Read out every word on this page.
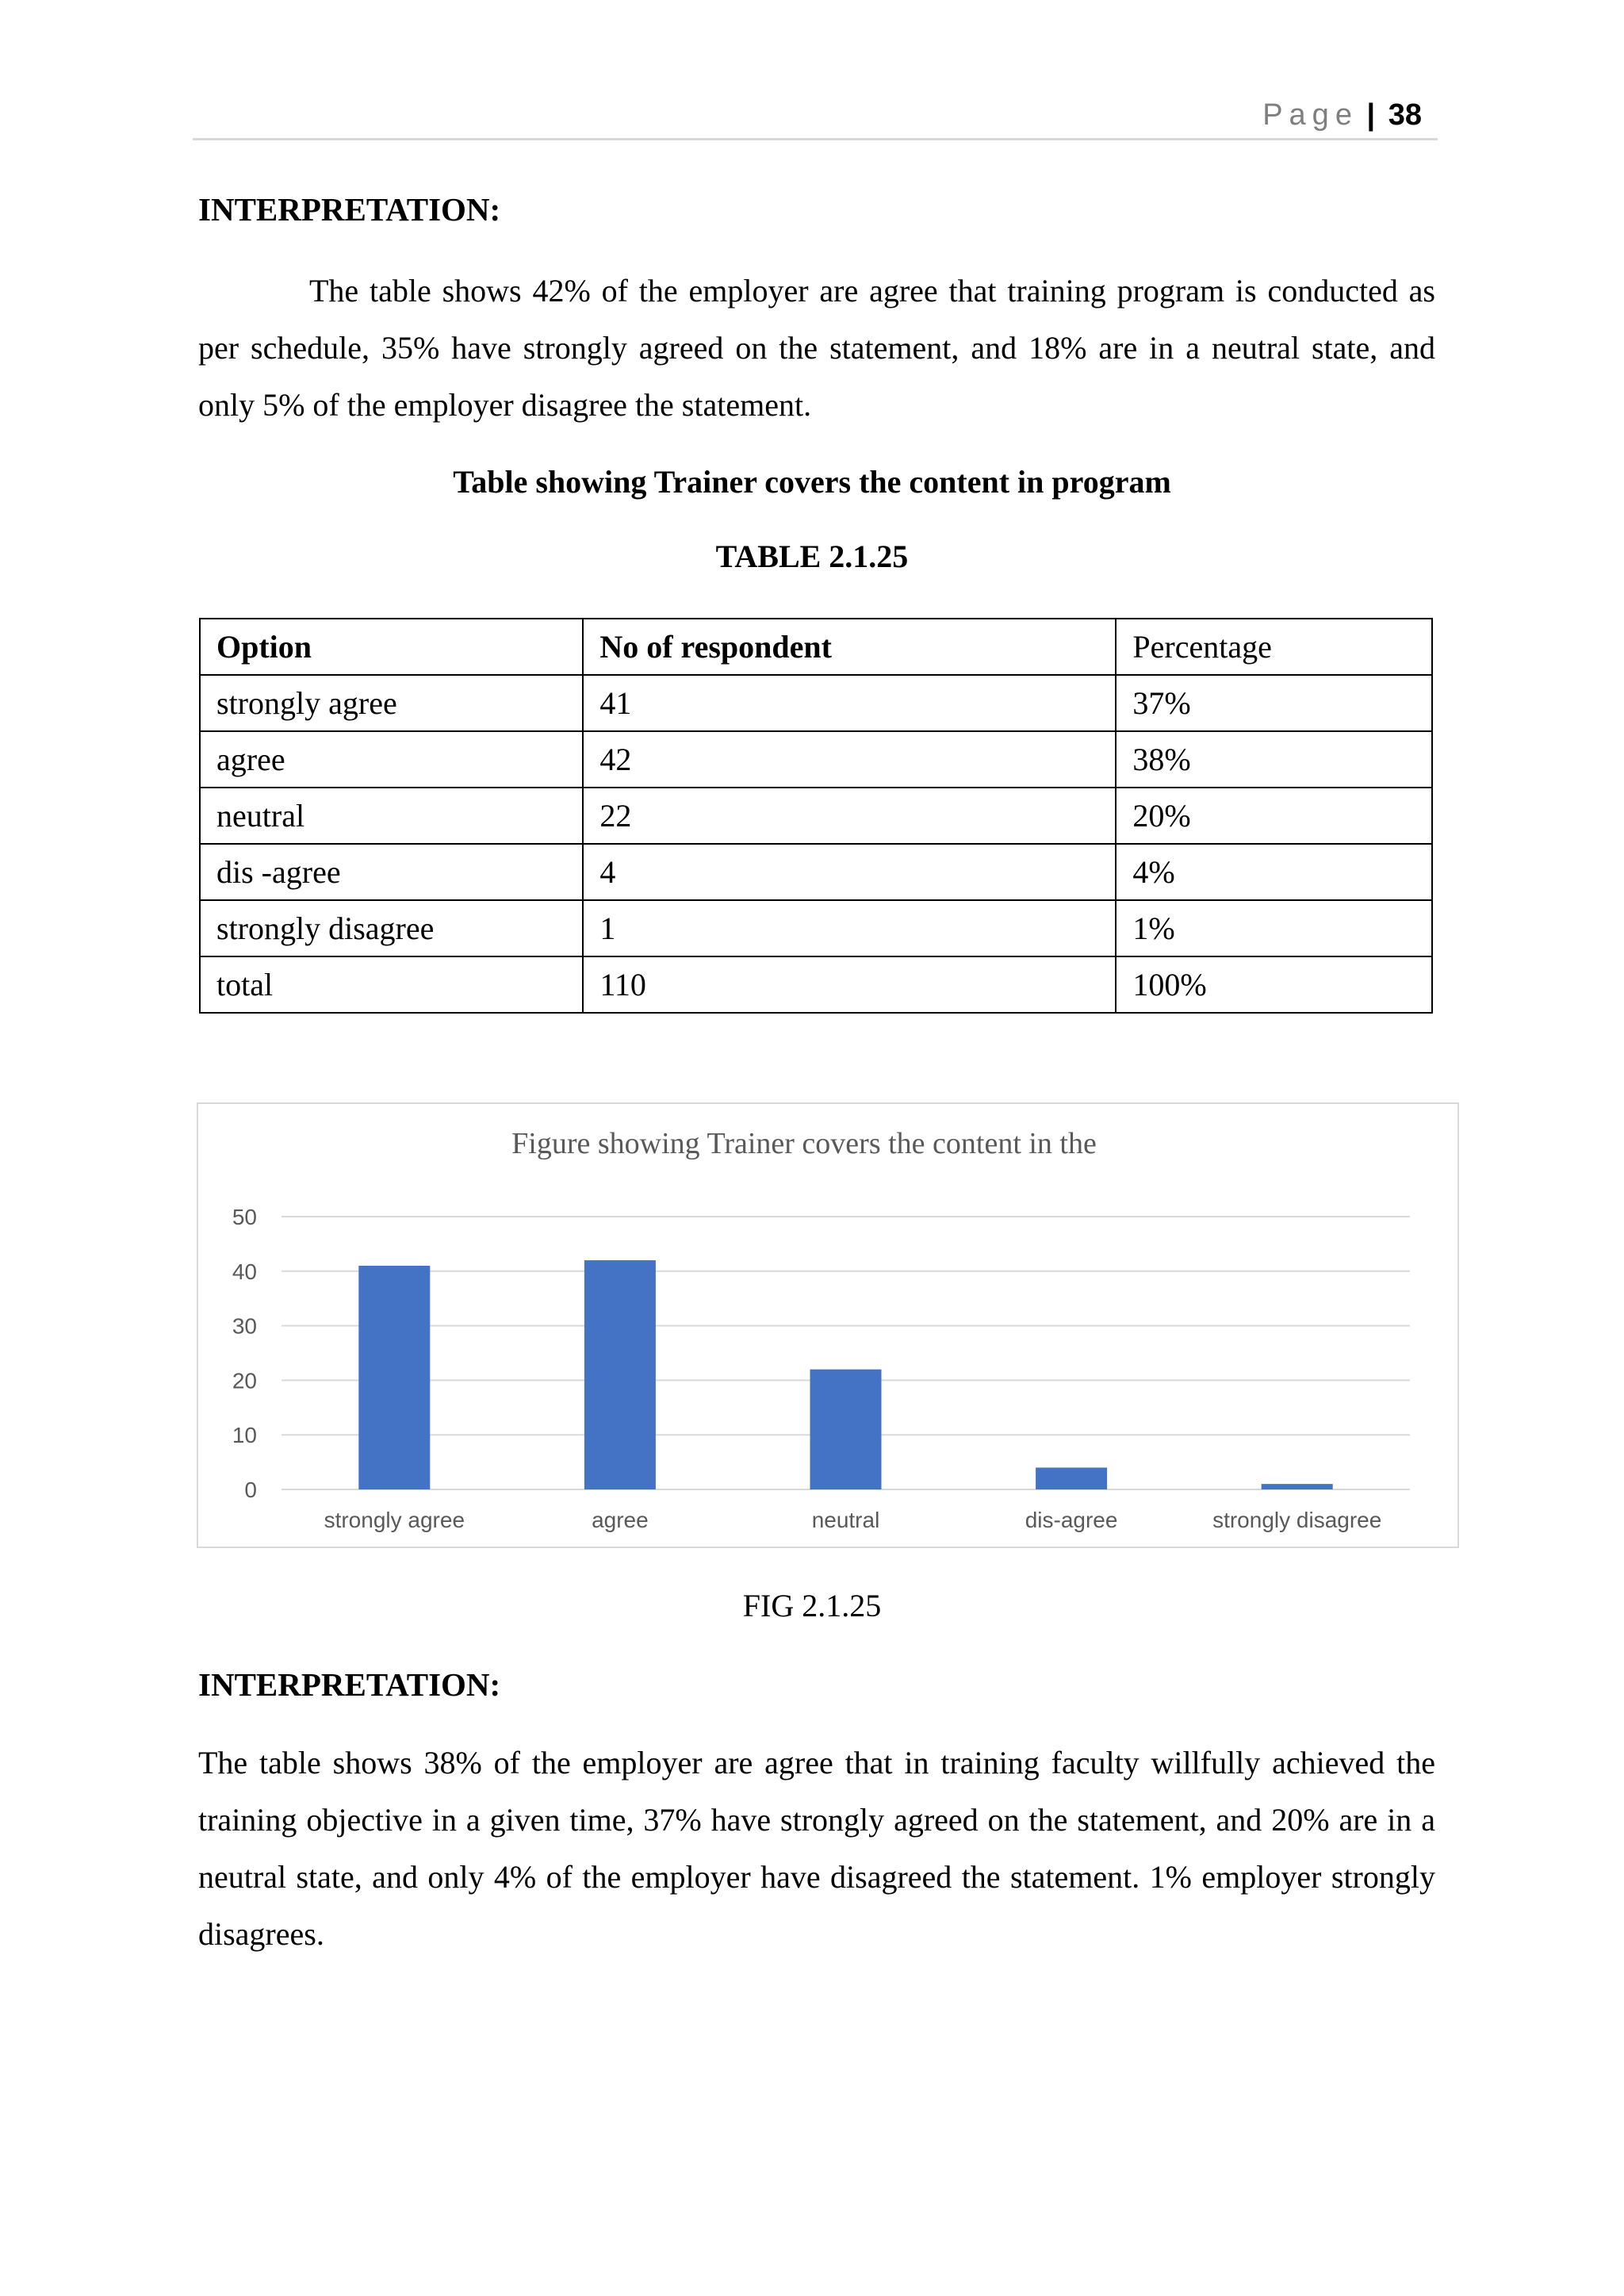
Page | 38
INTERPRETATION:

The table shows 42% of the employer are agree that training program is conducted as per schedule, 35% have strongly agreed on the statement, and 18% are in a neutral state, and only 5% of the employer disagree the statement.

Table showing Trainer covers the content in program
TABLE 2.1.25
Option	No of respondent	Percentage
strongly agree	41	37%
agree	42	38%
neutral	22	20%
dis -agree	4	4%
strongly disagree	1	1%
total	110	100%
Figure showing Trainer covers the content in the
0
10
20
30
40
50
strongly agree	agree	neutral	dis-agree	strongly disagree

FIG 2.1.25

INTERPRETATION:

The table shows 38% of the employer are agree that in training faculty willfully achieved the training objective in a given time, 37% have strongly agreed on the statement, and 20% are in a neutral state, and only 4% of the employer have disagreed the statement. 1% employer strongly disagrees.
